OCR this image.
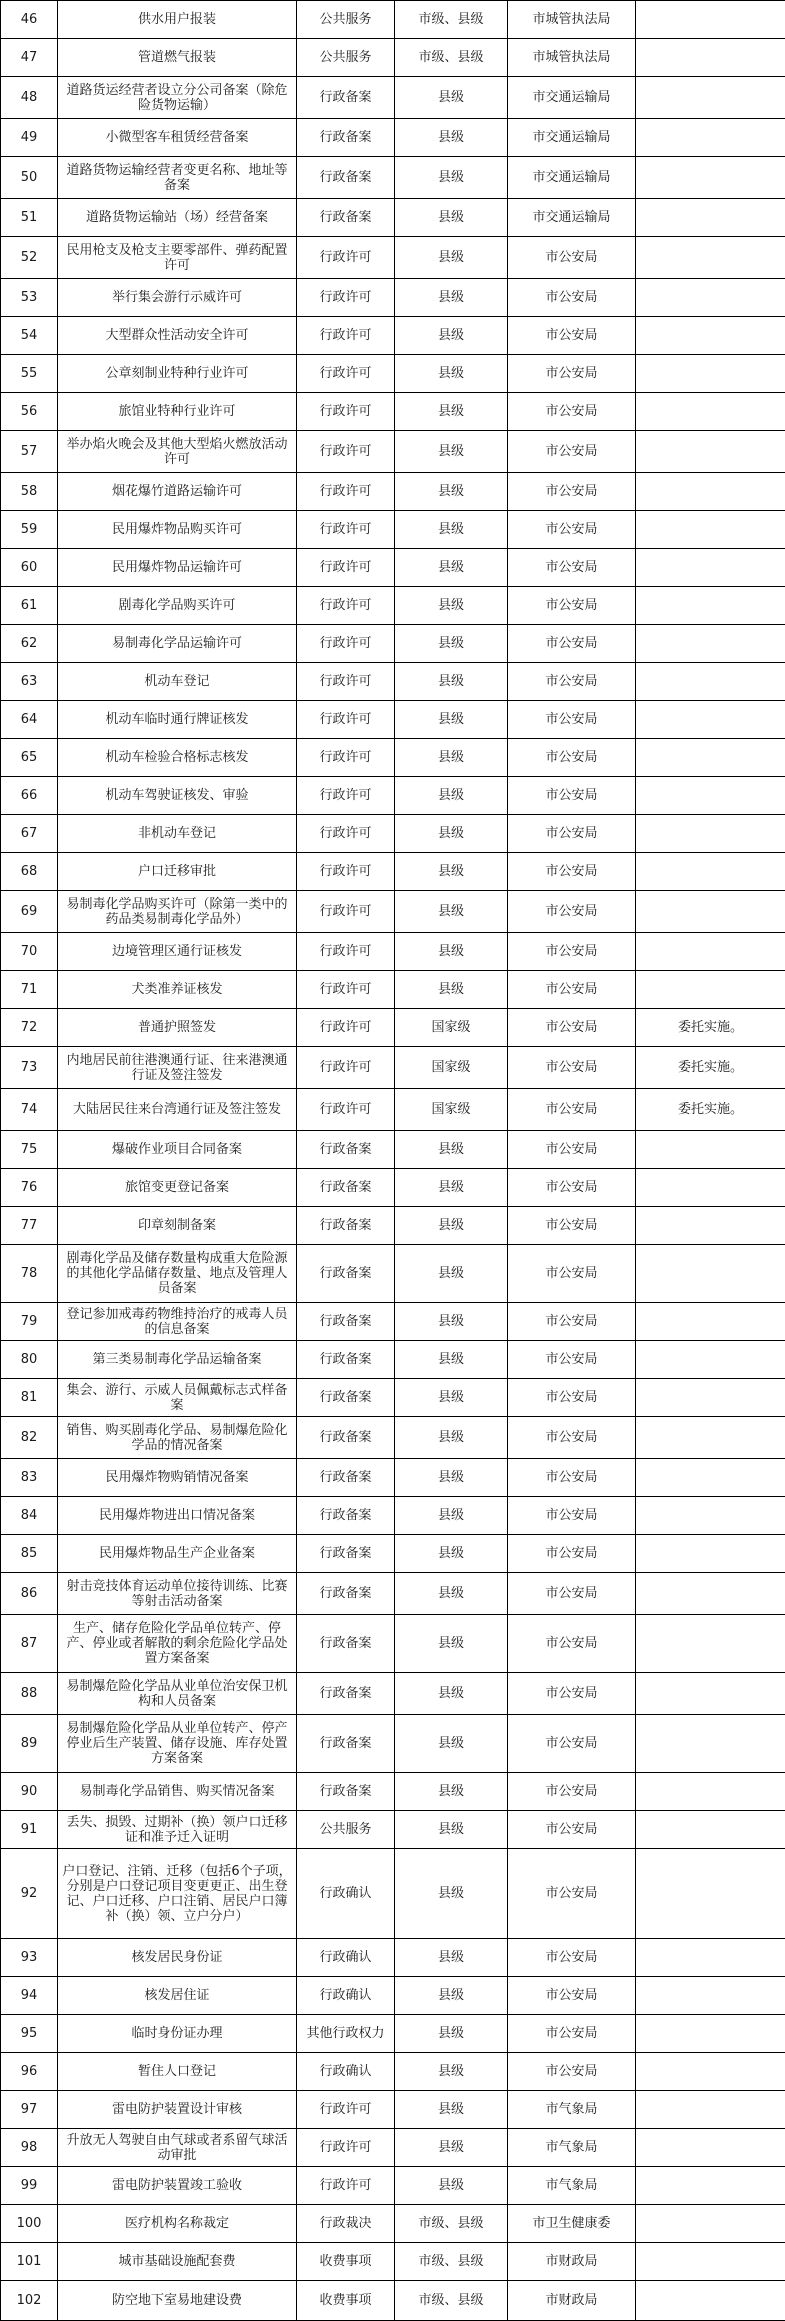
46	供水用户报装	公共服务	市级、县级	市城管执法局	
47	管道燃气报装	公共服务	市级、县级	市城管执法局	
48	道路货运经营者设立分公司备案（除危险货物运输）	行政备案	县级	市交通运输局	
49	小微型客车租赁经营备案	行政备案	县级	市交通运输局	
50	道路货物运输经营者变更名称、地址等备案	行政备案	县级	市交通运输局	
51	道路货物运输站（场）经营备案	行政备案	县级	市交通运输局	
52	民用枪支及枪支主要零部件、弹药配置许可	行政许可	县级	市公安局	
53	举行集会游行示威许可	行政许可	县级	市公安局	
54	大型群众性活动安全许可	行政许可	县级	市公安局	
55	公章刻制业特种行业许可	行政许可	县级	市公安局	
56	旅馆业特种行业许可	行政许可	县级	市公安局	
57	举办焰火晚会及其他大型焰火燃放活动许可	行政许可	县级	市公安局	
58	烟花爆竹道路运输许可	行政许可	县级	市公安局	
59	民用爆炸物品购买许可	行政许可	县级	市公安局	
60	民用爆炸物品运输许可	行政许可	县级	市公安局	
61	剧毒化学品购买许可	行政许可	县级	市公安局	
62	易制毒化学品运输许可	行政许可	县级	市公安局	
63	机动车登记	行政许可	县级	市公安局	
64	机动车临时通行牌证核发	行政许可	县级	市公安局	
65	机动车检验合格标志核发	行政许可	县级	市公安局	
66	机动车驾驶证核发、审验	行政许可	县级	市公安局	
67	非机动车登记	行政许可	县级	市公安局	
68	户口迁移审批	行政许可	县级	市公安局	
69	易制毒化学品购买许可（除第一类中的药品类易制毒化学品外）	行政许可	县级	市公安局	
70	边境管理区通行证核发	行政许可	县级	市公安局	
71	犬类准养证核发	行政许可	县级	市公安局	
72	普通护照签发	行政许可	国家级	市公安局	委托实施。
73	内地居民前往港澳通行证、往来港澳通行证及签注签发	行政许可	国家级	市公安局	委托实施。
74	大陆居民往来台湾通行证及签注签发	行政许可	国家级	市公安局	委托实施。
75	爆破作业项目合同备案	行政备案	县级	市公安局	
76	旅馆变更登记备案	行政备案	县级	市公安局	
77	印章刻制备案	行政备案	县级	市公安局	
78	剧毒化学品及储存数量构成重大危险源的其他化学品储存数量、地点及管理人员备案	行政备案	县级	市公安局	
79	登记参加戒毒药物维持治疗的戒毒人员的信息备案	行政备案	县级	市公安局	
80	第三类易制毒化学品运输备案	行政备案	县级	市公安局	
81	集会、游行、示威人员佩戴标志式样备案	行政备案	县级	市公安局	
82	销售、购买剧毒化学品、易制爆危险化学品的情况备案	行政备案	县级	市公安局	
83	民用爆炸物购销情况备案	行政备案	县级	市公安局	
84	民用爆炸物进出口情况备案	行政备案	县级	市公安局	
85	民用爆炸物品生产企业备案	行政备案	县级	市公安局	
86	射击竞技体育运动单位接待训练、比赛等射击活动备案	行政备案	县级	市公安局	
87	生产、储存危险化学品单位转产、停产、停业或者解散的剩余危险化学品处置方案备案	行政备案	县级	市公安局	
88	易制爆危险化学品从业单位治安保卫机构和人员备案	行政备案	县级	市公安局	
89	易制爆危险化学品从业单位转产、停产停业后生产装置、储存设施、库存处置方案备案	行政备案	县级	市公安局	
90	易制毒化学品销售、购买情况备案	行政备案	县级	市公安局	
91	丢失、损毁、过期补（换）领户口迁移证和准予迁入证明	公共服务	县级	市公安局	
92	户口登记、注销、迁移（包括6个子项，分别是户口登记项目变更更正、出生登记、户口迁移、户口注销、居民户口簿补（换）领、立户分户）	行政确认	县级	市公安局	
93	核发居民身份证	行政确认	县级	市公安局	
94	核发居住证	行政确认	县级	市公安局	
95	临时身份证办理	其他行政权力	县级	市公安局	
96	暂住人口登记	行政确认	县级	市公安局	
97	雷电防护装置设计审核	行政许可	县级	市气象局	
98	升放无人驾驶自由气球或者系留气球活动审批	行政许可	县级	市气象局	
99	雷电防护装置竣工验收	行政许可	县级	市气象局	
100	医疗机构名称裁定	行政裁决	市级、县级	市卫生健康委	
101	城市基础设施配套费	收费事项	市级、县级	市财政局	
102	防空地下室易地建设费	收费事项	市级、县级	市财政局	
